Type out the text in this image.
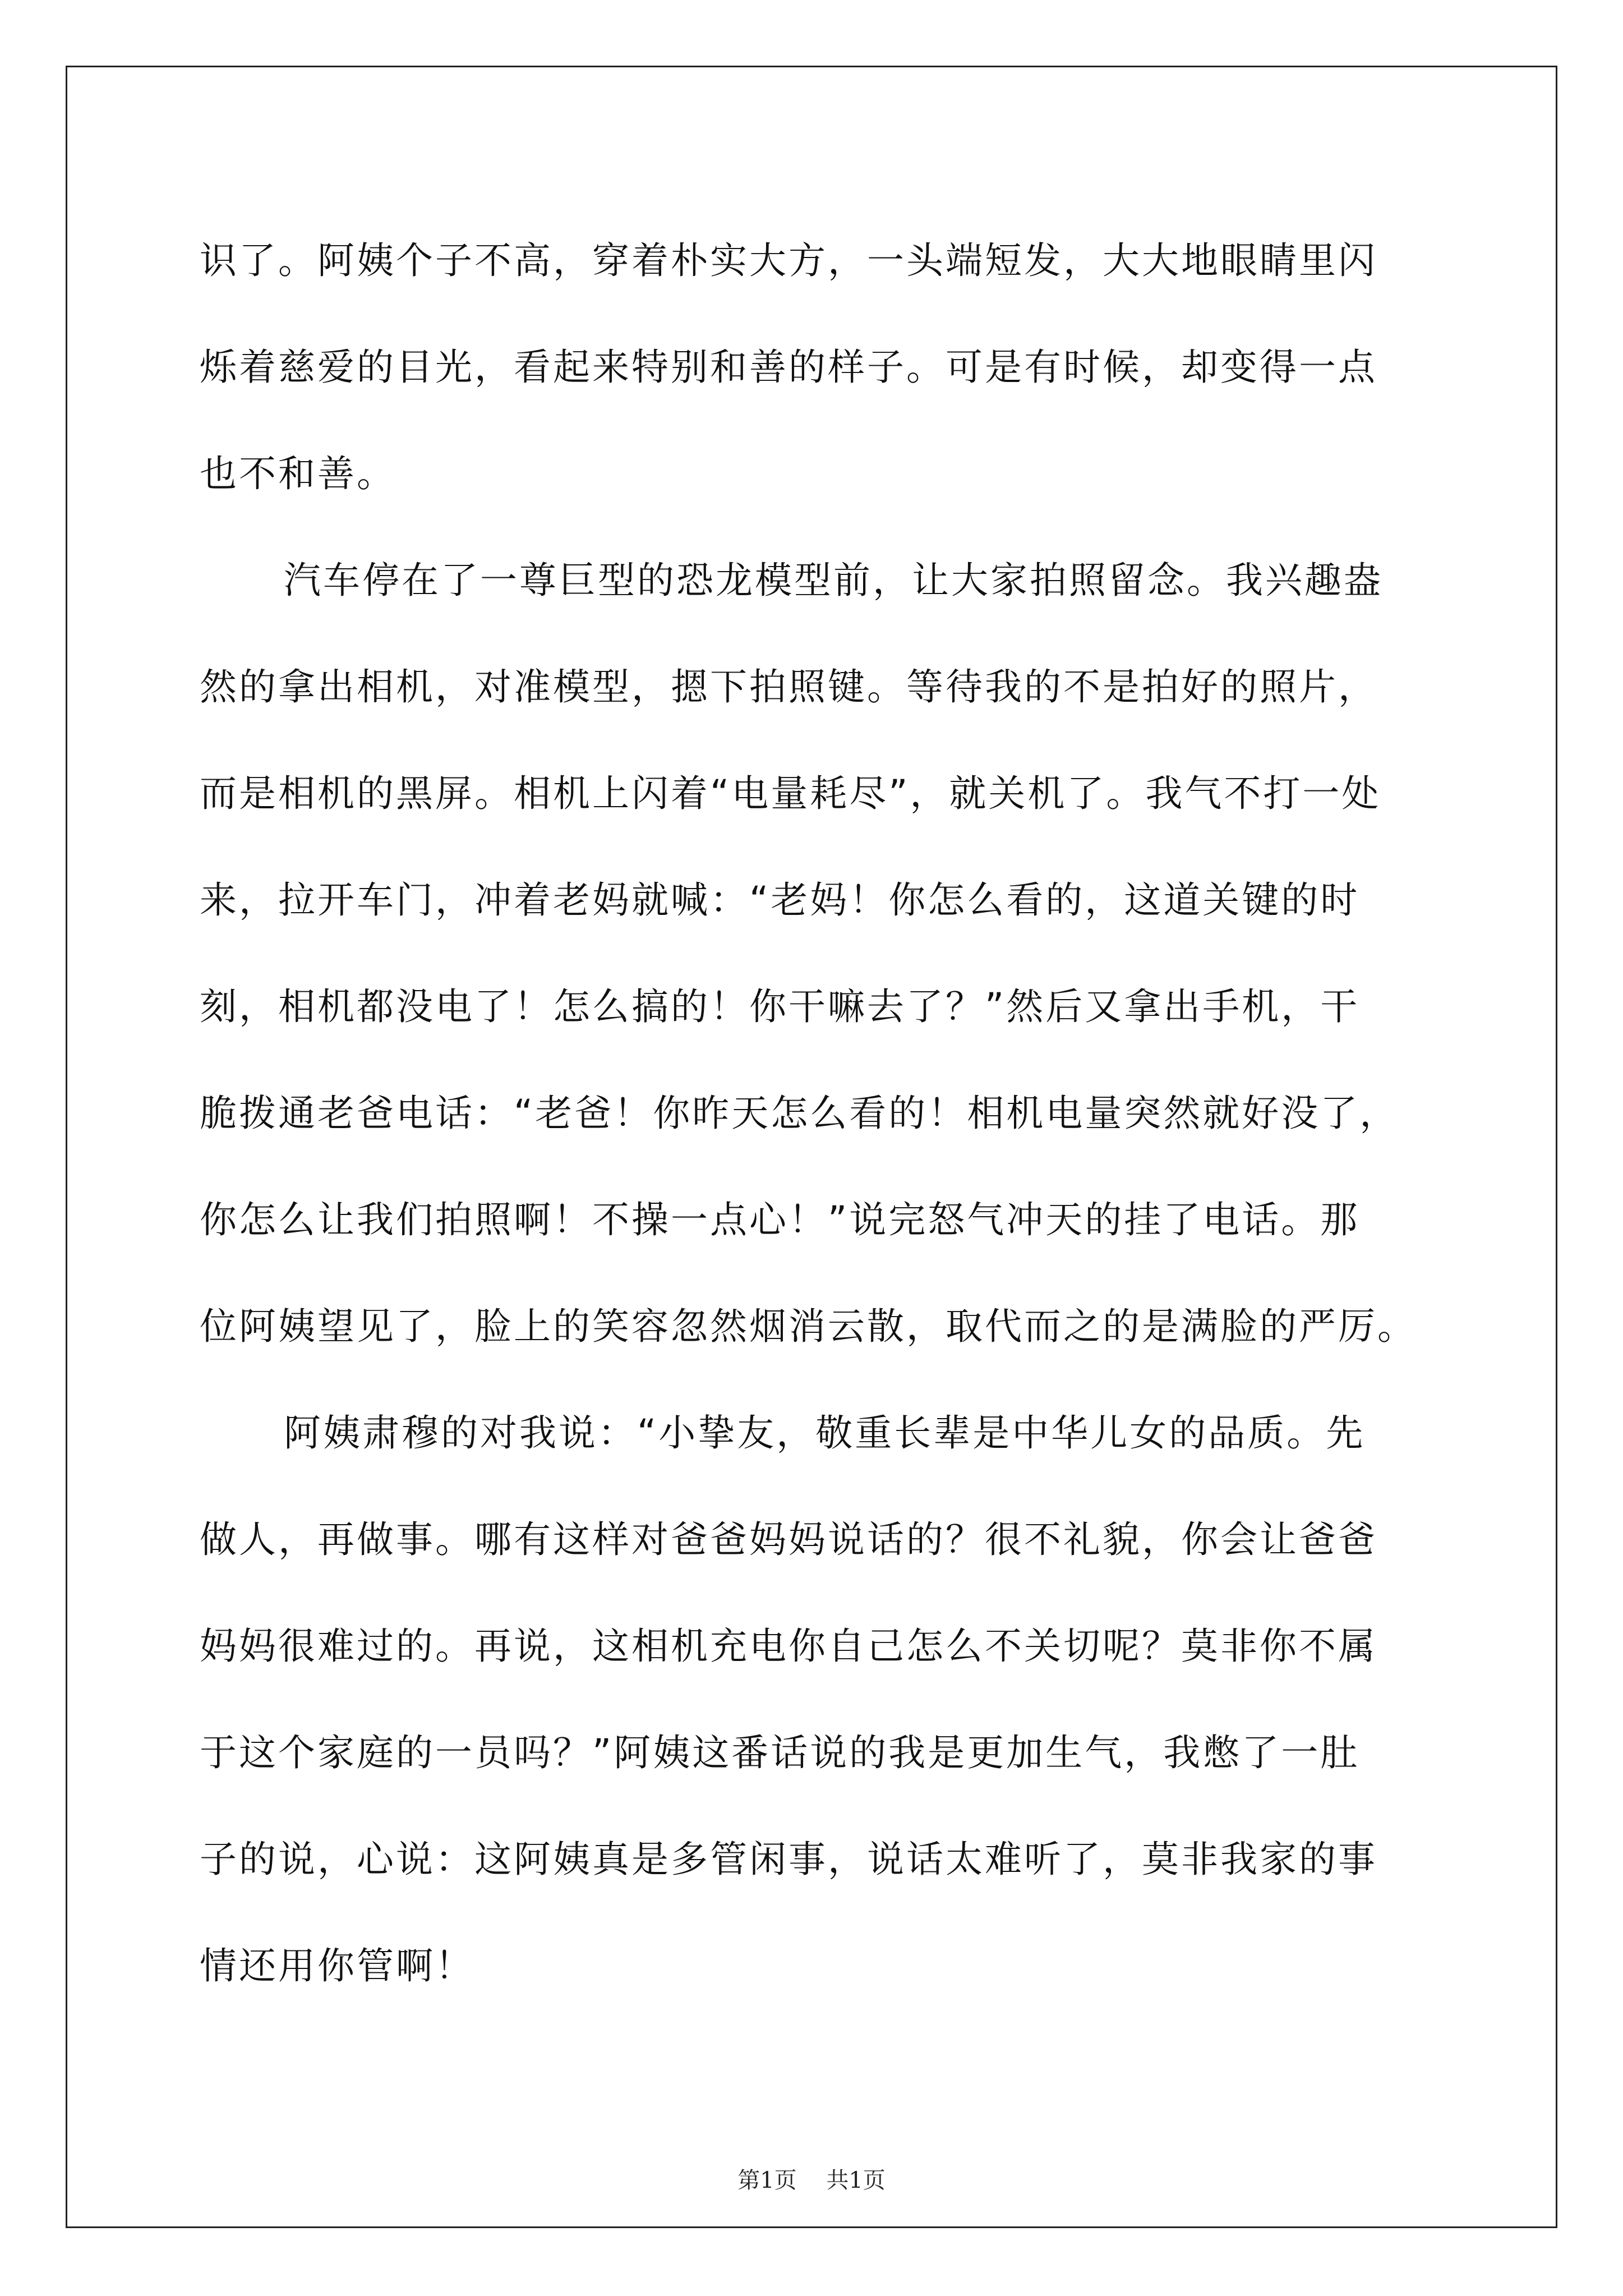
识了。阿姨个子不高，穿着朴实大方，一头端短发，大大地眼睛里闪
烁着慈爱的目光，看起来特别和善的样子。可是有时候，却变得一点
也不和善。
汽车停在了一尊巨型的恐龙模型前，让大家拍照留念。我兴趣盎
然的拿出相机，对准模型，摁下拍照键。等待我的不是拍好的照片，
而是相机的黑屏。相机上闪着“电量耗尽”，就关机了。我气不打一处
来，拉开车门，冲着老妈就喊：“老妈！你怎么看的，这道关键的时
刻，相机都没电了！怎么搞的！你干嘛去了？”然后又拿出手机，干
脆拨通老爸电话：“老爸！你昨天怎么看的！相机电量突然就好没了，
你怎么让我们拍照啊！不操一点心！”说完怒气冲天的挂了电话。那
位阿姨望见了，脸上的笑容忽然烟消云散，取代而之的是满脸的严厉。
阿姨肃穆的对我说：“小挚友，敬重长辈是中华儿女的品质。先
做人，再做事。哪有这样对爸爸妈妈说话的？很不礼貌，你会让爸爸
妈妈很难过的。再说，这相机充电你自己怎么不关切呢？莫非你不属
于这个家庭的一员吗？”阿姨这番话说的我是更加生气，我憋了一肚
子的说，心说：这阿姨真是多管闲事，说话太难听了，莫非我家的事
情还用你管啊！
第1页 共1页
